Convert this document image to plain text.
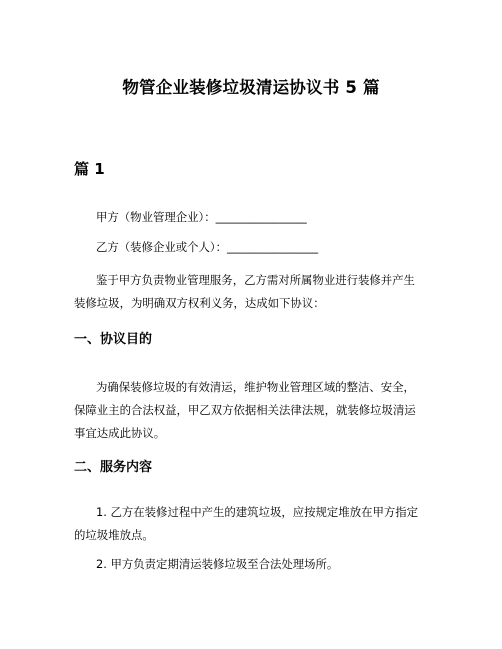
物管企业装修垃圾清运协议书 5 篇
篇 1
甲方（物业管理企业）：________________
乙方（装修企业或个人）：________________
鉴于甲方负责物业管理服务，乙方需对所属物业进行装修并产生
装修垃圾，为明确双方权利义务，达成如下协议：
一、协议目的
为确保装修垃圾的有效清运，维护物业管理区域的整洁、安全，
保障业主的合法权益，甲乙双方依据相关法律法规，就装修垃圾清运
事宜达成此协议。
二、服务内容
1. 乙方在装修过程中产生的建筑垃圾，应按规定堆放在甲方指定
的垃圾堆放点。
2. 甲方负责定期清运装修垃圾至合法处理场所。
